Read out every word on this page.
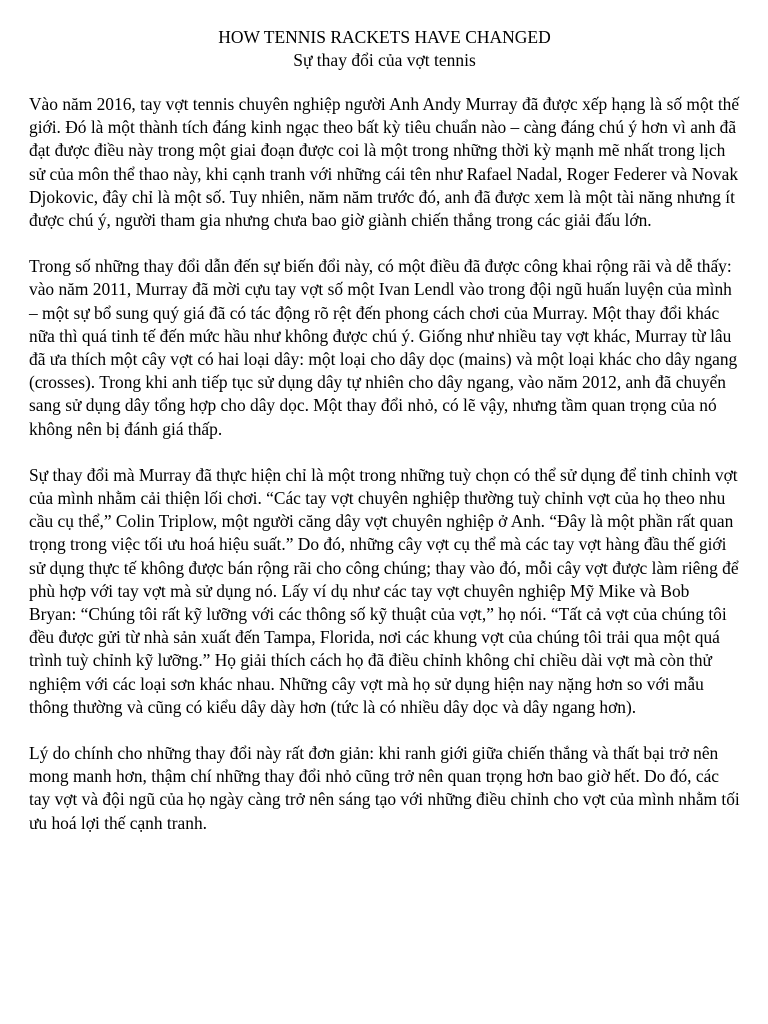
HOW TENNIS RACKETS HAVE CHANGED
Sự thay đổi của vợt tennis

Vào năm 2016, tay vợt tennis chuyên nghiệp người Anh Andy Murray đã được xếp hạng là số một thế giới. Đó là một thành tích đáng kinh ngạc theo bất kỳ tiêu chuẩn nào – càng đáng chú ý hơn vì anh đã đạt được điều này trong một giai đoạn được coi là một trong những thời kỳ mạnh mẽ nhất trong lịch sử của môn thể thao này, khi cạnh tranh với những cái tên như Rafael Nadal, Roger Federer và Novak Djokovic, đây chỉ là một số. Tuy nhiên, năm năm trước đó, anh đã được xem là một tài năng nhưng ít được chú ý, người tham gia nhưng chưa bao giờ giành chiến thắng trong các giải đấu lớn.

Trong số những thay đổi dẫn đến sự biến đổi này, có một điều đã được công khai rộng rãi và dễ thấy: vào năm 2011, Murray đã mời cựu tay vợt số một Ivan Lendl vào trong đội ngũ huấn luyện của mình – một sự bổ sung quý giá đã có tác động rõ rệt đến phong cách chơi của Murray. Một thay đổi khác nữa thì quá tinh tế đến mức hầu như không được chú ý. Giống như nhiều tay vợt khác, Murray từ lâu đã ưa thích một cây vợt có hai loại dây: một loại cho dây dọc (mains) và một loại khác cho dây ngang (crosses). Trong khi anh tiếp tục sử dụng dây tự nhiên cho dây ngang, vào năm 2012, anh đã chuyển sang sử dụng dây tổng hợp cho dây dọc. Một thay đổi nhỏ, có lẽ vậy, nhưng tầm quan trọng của nó không nên bị đánh giá thấp.

Sự thay đổi mà Murray đã thực hiện chỉ là một trong những tuỳ chọn có thể sử dụng để tinh chỉnh vợt của mình nhằm cải thiện lối chơi. “Các tay vợt chuyên nghiệp thường tuỳ chỉnh vợt của họ theo nhu cầu cụ thể,” Colin Triplow, một người căng dây vợt chuyên nghiệp ở Anh. “Đây là một phần rất quan trọng trong việc tối ưu hoá hiệu suất.” Do đó, những cây vợt cụ thể mà các tay vợt hàng đầu thế giới sử dụng thực tế không được bán rộng rãi cho công chúng; thay vào đó, mỗi cây vợt được làm riêng để phù hợp với tay vợt mà sử dụng nó. Lấy ví dụ như các tay vợt chuyên nghiệp Mỹ Mike và Bob Bryan: “Chúng tôi rất kỹ lưỡng với các thông số kỹ thuật của vợt,” họ nói. “Tất cả vợt của chúng tôi đều được gửi từ nhà sản xuất đến Tampa, Florida, nơi các khung vợt của chúng tôi trải qua một quá trình tuỳ chỉnh kỹ lưỡng.” Họ giải thích cách họ đã điều chỉnh không chỉ chiều dài vợt mà còn thử nghiệm với các loại sơn khác nhau. Những cây vợt mà họ sử dụng hiện nay nặng hơn so với mẫu thông thường và cũng có kiểu dây dày hơn (tức là có nhiều dây dọc và dây ngang hơn).

Lý do chính cho những thay đổi này rất đơn giản: khi ranh giới giữa chiến thắng và thất bại trở nên mong manh hơn, thậm chí những thay đổi nhỏ cũng trở nên quan trọng hơn bao giờ hết. Do đó, các tay vợt và đội ngũ của họ ngày càng trở nên sáng tạo với những điều chỉnh cho vợt của mình nhằm tối ưu hoá lợi thế cạnh tranh.
